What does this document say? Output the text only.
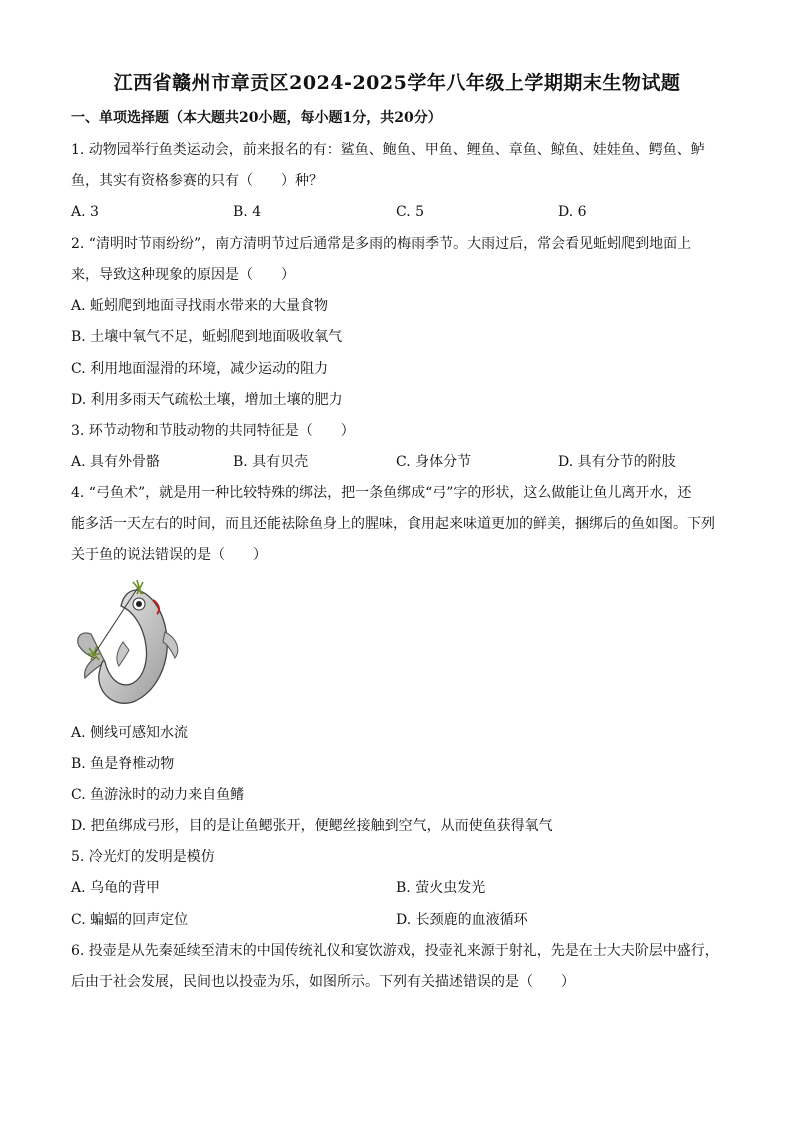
江西省赣州市章贡区2024-2025学年八年级上学期期末生物试题
一、单项选择题（本大题共20小题，每小题1分，共20分）
1. 动物园举行鱼类运动会，前来报名的有：鲨鱼、鲍鱼、甲鱼、鲤鱼、章鱼、鲸鱼、娃娃鱼、鳄鱼、鲈
鱼，其实有资格参赛的只有（　　）种？
A. 3	B. 4	C. 5	D. 6
2. “清明时节雨纷纷”，南方清明节过后通常是多雨的梅雨季节。大雨过后，常会看见蚯蚓爬到地面上
来，导致这种现象的原因是（　　）
A. 蚯蚓爬到地面寻找雨水带来的大量食物
B. 土壤中氧气不足，蚯蚓爬到地面吸收氧气
C. 利用地面湿滑的环境，减少运动的阻力
D. 利用多雨天气疏松土壤，增加土壤的肥力
3. 环节动物和节肢动物的共同特征是（　　）
A. 具有外骨骼	B. 具有贝壳	C. 身体分节	D. 具有分节的附肢
4. “弓鱼术”，就是用一种比较特殊的绑法，把一条鱼绑成“弓”字的形状，这么做能让鱼儿离开水，还
能多活一天左右的时间，而且还能祛除鱼身上的腥味，食用起来味道更加的鲜美，捆绑后的鱼如图。下列
关于鱼的说法错误的是（　　）
A. 侧线可感知水流
B. 鱼是脊椎动物
C. 鱼游泳时的动力来自鱼鳍
D. 把鱼绑成弓形，目的是让鱼鳃张开，便鳃丝接触到空气，从而使鱼获得氧气
5. 冷光灯的发明是模仿
A. 乌龟的背甲	B. 萤火虫发光
C. 蝙蝠的回声定位	D. 长颈鹿的血液循环
6. 投壶是从先秦延续至清末的中国传统礼仪和宴饮游戏，投壶礼来源于射礼，先是在士大夫阶层中盛行，
后由于社会发展，民间也以投壶为乐，如图所示。下列有关描述错误的是（　　）
